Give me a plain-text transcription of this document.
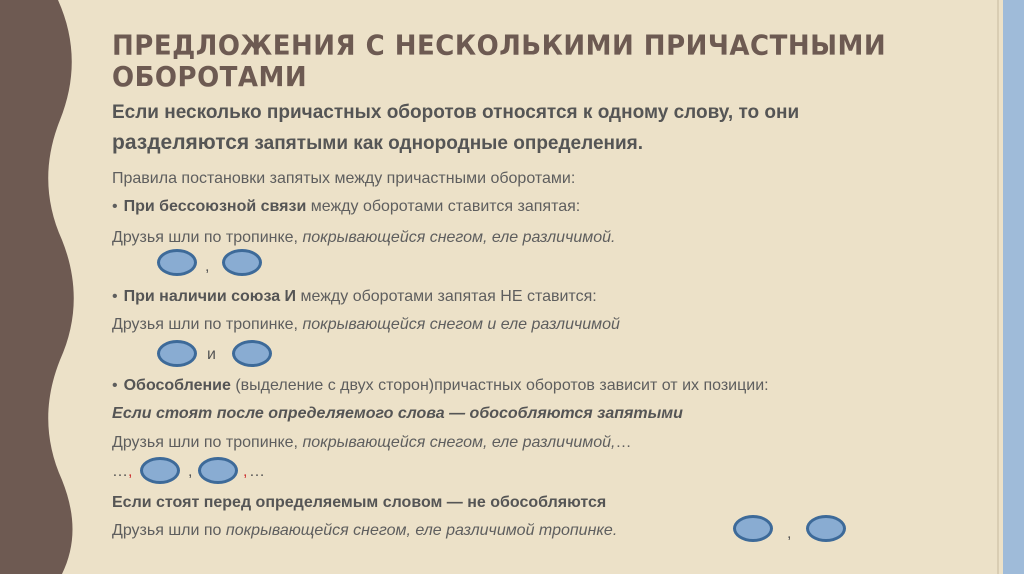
ПРЕДЛОЖЕНИЯ С НЕСКОЛЬКИМИ ПРИЧАСТНЫМИ ОБОРОТАМИ
Если несколько причастных оборотов относятся к одному слову, то они
разделяются запятыми как однородные определения.
Правила постановки запятых между причастными оборотами:
• При бессоюзной связи между оборотами ставится запятая:
Друзья шли по тропинке, покрывающейся снегом, еле различимой.
,
• При наличии союза И между оборотами запятая НЕ ставится:
Друзья шли по тропинке, покрывающейся снегом и еле различимой
и
• Обособление (выделение с двух сторон)причастных оборотов зависит от их позиции:
Если стоят после определяемого слова — обособляются запятыми
Друзья шли по тропинке, покрывающейся снегом, еле различимой,…
… ,	,	, …
Если стоят перед определяемым словом — не обособляются
Друзья шли по покрывающейся снегом, еле различимой тропинке.	,
